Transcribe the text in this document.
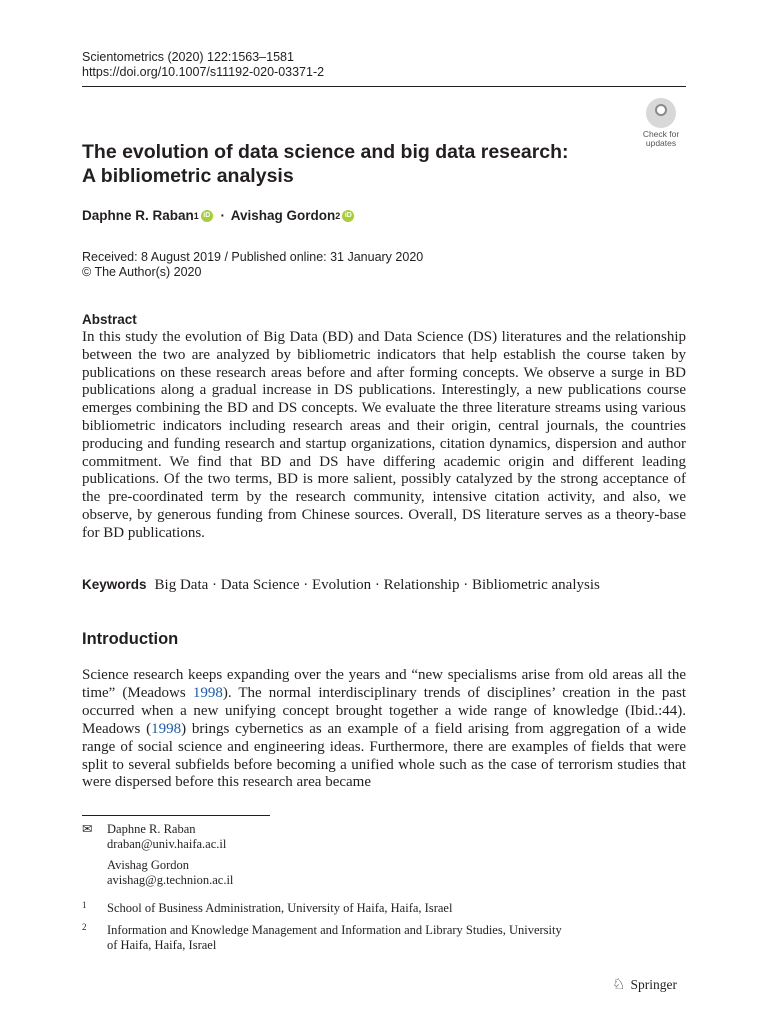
Scientometrics (2020) 122:1563–1581
https://doi.org/10.1007/s11192-020-03371-2
Check for
updates
The evolution of data science and big data research:
A bibliometric analysis
Daphne R. Raban 1 iD · Avishag Gordon 2 iD
Received: 8 August 2019 / Published online: 31 January 2020
© The Author(s) 2020
Abstract
In this study the evolution of Big Data (BD) and Data Science (DS) literatures and the relationship between the two are analyzed by bibliometric indicators that help establish the course taken by publications on these research areas before and after forming concepts. We observe a surge in BD publications along a gradual increase in DS publications. Interestingly, a new publications course emerges combining the BD and DS concepts. We evaluate the three literature streams using various bibliometric indicators including research areas and their origin, central journals, the countries producing and funding research and startup organizations, citation dynamics, dispersion and author commitment. We find that BD and DS have differing academic origin and different leading publications. Of the two terms, BD is more salient, possibly catalyzed by the strong acceptance of the pre-coordinated term by the research community, intensive citation activity, and also, we observe, by generous funding from Chinese sources. Overall, DS literature serves as a theory-base for BD publications.
Keywords Big Data · Data Science · Evolution · Relationship · Bibliometric analysis
Introduction
Science research keeps expanding over the years and “new specialisms arise from old areas all the time” (Meadows 1998). The normal interdisciplinary trends of disciplines’ creation in the past occurred when a new unifying concept brought together a wide range of knowledge (Ibid.:44). Meadows (1998) brings cybernetics as an example of a field arising from aggregation of a wide range of social science and engineering ideas. Furthermore, there are examples of fields that were split to several subfields before becoming a unified whole such as the case of terrorism studies that were dispersed before this research area became
✉ Daphne R. Raban
draban@univ.haifa.ac.il
Avishag Gordon
avishag@g.technion.ac.il
1 School of Business Administration, University of Haifa, Haifa, Israel
2 Information and Knowledge Management and Information and Library Studies, University
of Haifa, Haifa, Israel
♘ Springer
